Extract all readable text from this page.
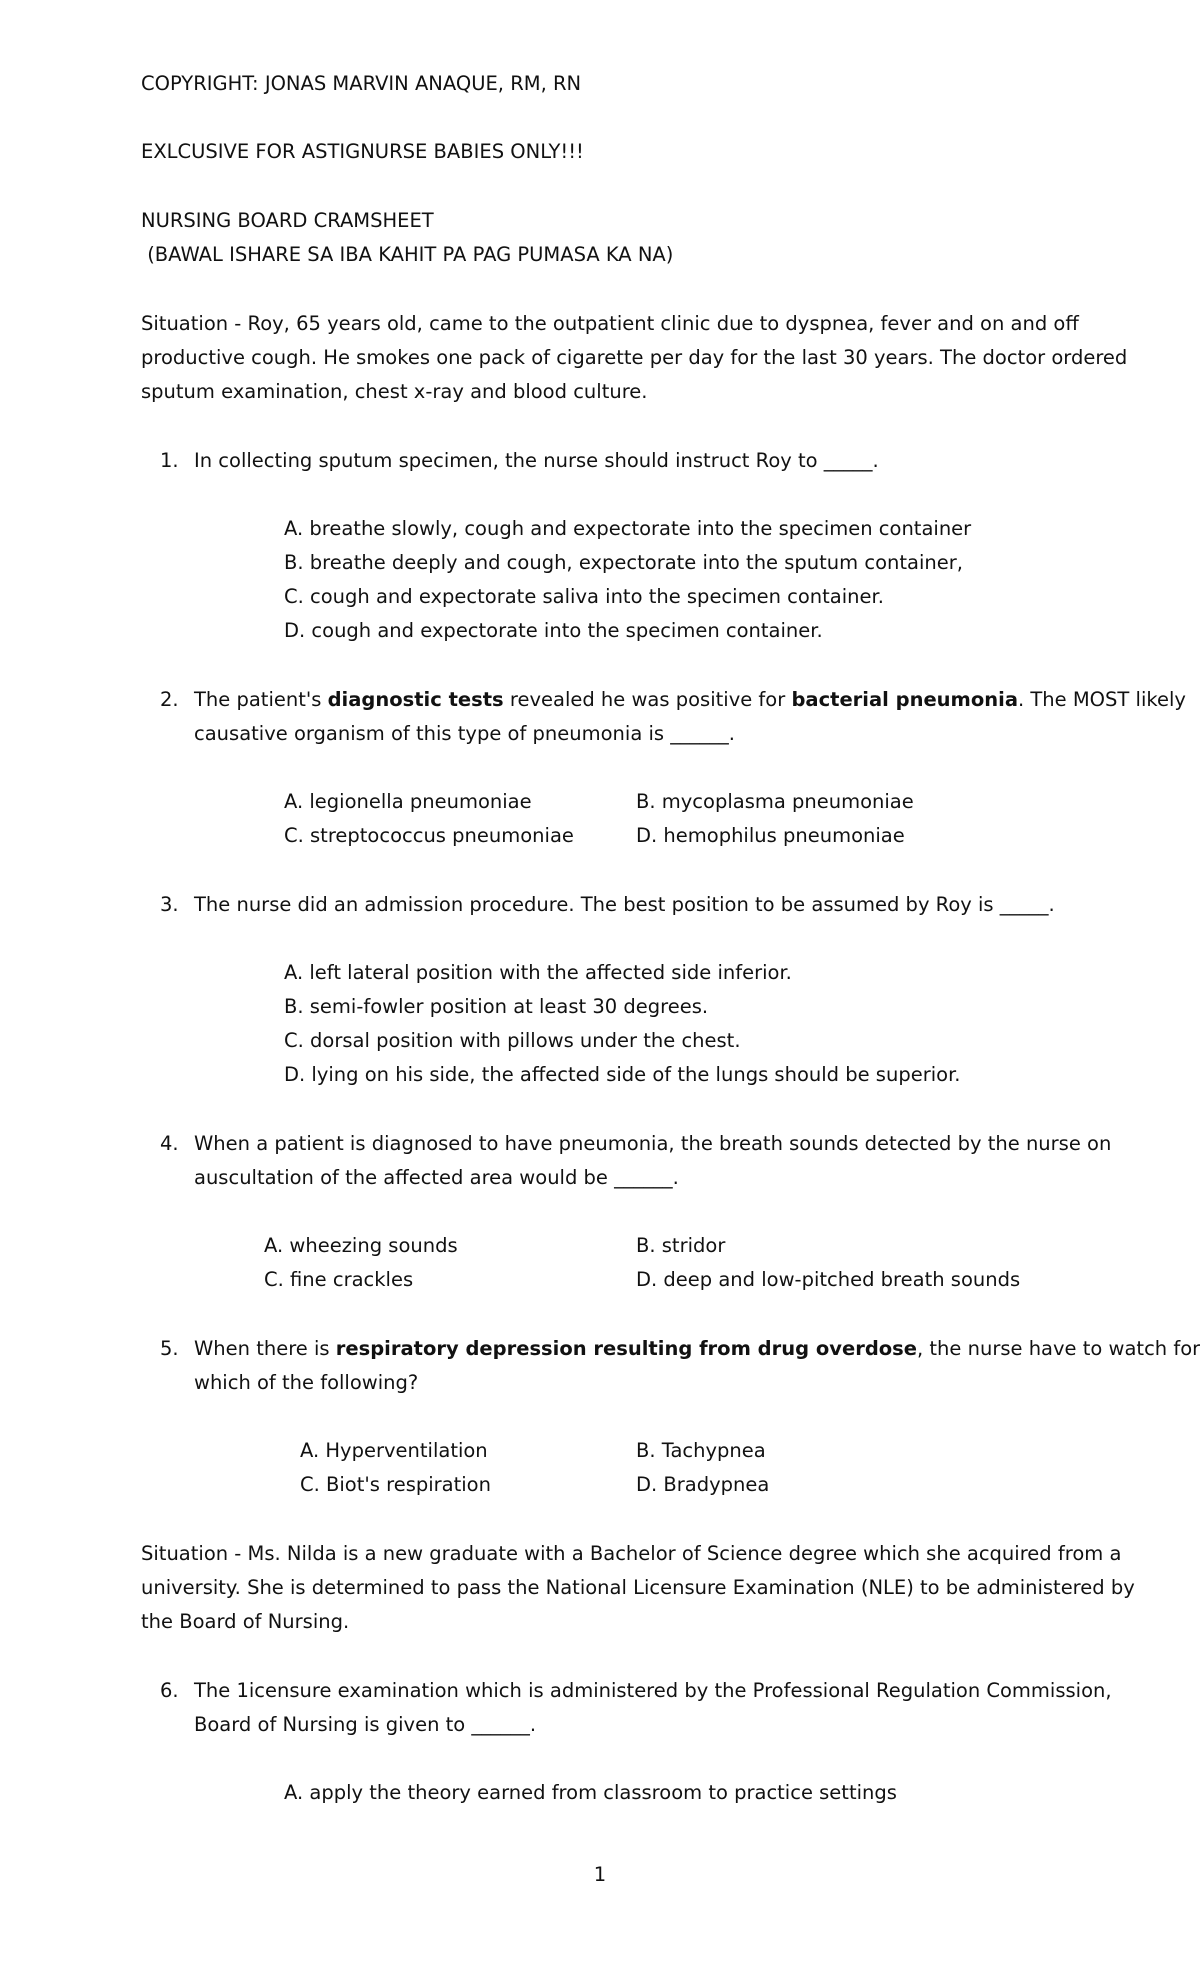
COPYRIGHT: JONAS MARVIN ANAQUE, RM, RN
EXLCUSIVE FOR ASTIGNURSE BABIES ONLY!!!
NURSING BOARD CRAMSHEET
(BAWAL ISHARE SA IBA KAHIT PA PAG PUMASA KA NA)
Situation - Roy, 65 years old, came to the outpatient clinic due to dyspnea, fever and on and off
productive cough. He smokes one pack of cigarette per day for the last 30 years. The doctor ordered
sputum examination, chest x-ray and blood culture.
1. In collecting sputum specimen, the nurse should instruct Roy to _____.
A. breathe slowly, cough and expectorate into the specimen container
B. breathe deeply and cough, expectorate into the sputum container,
C. cough and expectorate saliva into the specimen container.
D. cough and expectorate into the specimen container.
2. The patient's diagnostic tests revealed he was positive for bacterial pneumonia. The MOST likely
causative organism of this type of pneumonia is ______.
A. legionella pneumoniae	B. mycoplasma pneumoniae
C. streptococcus pneumoniae	D. hemophilus pneumoniae
3. The nurse did an admission procedure. The best position to be assumed by Roy is _____.
A. left lateral position with the affected side inferior.
B. semi-fowler position at least 30 degrees.
C. dorsal position with pillows under the chest.
D. lying on his side, the affected side of the lungs should be superior.
4. When a patient is diagnosed to have pneumonia, the breath sounds detected by the nurse on
auscultation of the affected area would be ______.
A. wheezing sounds	B. stridor
C. fine crackles	D. deep and low-pitched breath sounds
5. When there is respiratory depression resulting from drug overdose, the nurse have to watch for
which of the following?
A. Hyperventilation	B. Tachypnea
C. Biot's respiration	D. Bradypnea
Situation - Ms. Nilda is a new graduate with a Bachelor of Science degree which she acquired from a
university. She is determined to pass the National Licensure Examination (NLE) to be administered by
the Board of Nursing.
6. The 1icensure examination which is administered by the Professional Regulation Commission,
Board of Nursing is given to ______.
A. apply the theory earned from classroom to practice settings
1
